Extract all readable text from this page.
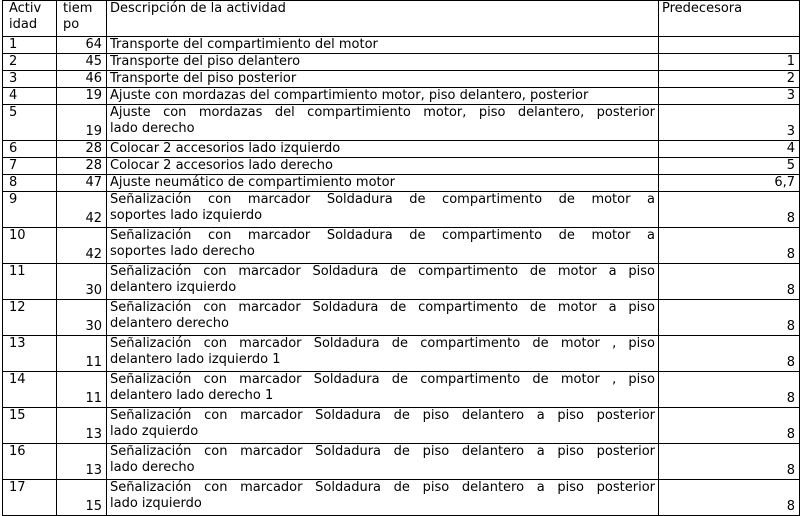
Activ
idad	tiem
po	Descripción de la actividad	Predecesora
1	64	Transporte del compartimiento del motor	
2	45	Transporte del piso delantero	1
3	46	Transporte del piso posterior	2
4	19	Ajuste con mordazas del compartimiento motor, piso delantero, posterior	3
5	19	Ajuste con mordazas del compartimiento motor, piso delantero, posterior
lado derecho	3
6	28	Colocar 2 accesorios lado izquierdo	4
7	28	Colocar 2 accesorios lado derecho	5
8	47	Ajuste neumático de compartimiento motor	6,7
9	42	Señalización con marcador Soldadura de compartimento de motor a
soportes lado izquierdo	8
10	42	Señalización con marcador Soldadura de compartimento de motor a
soportes lado derecho	8
11	30	Señalización con marcador Soldadura de compartimento de motor a piso
delantero izquierdo	8
12	30	Señalización con marcador Soldadura de compartimento de motor a piso
delantero derecho	8
13	11	Señalización con marcador Soldadura de compartimento de motor , piso
delantero lado izquierdo 1	8
14	11	Señalización con marcador Soldadura de compartimento de motor , piso
delantero lado derecho 1	8
15	13	Señalización con marcador Soldadura de piso delantero a piso posterior
lado zquierdo	8
16	13	Señalización con marcador Soldadura de piso delantero a piso posterior
lado derecho	8
17	15	Señalización con marcador Soldadura de piso delantero a piso posterior
lado izquierdo	8
